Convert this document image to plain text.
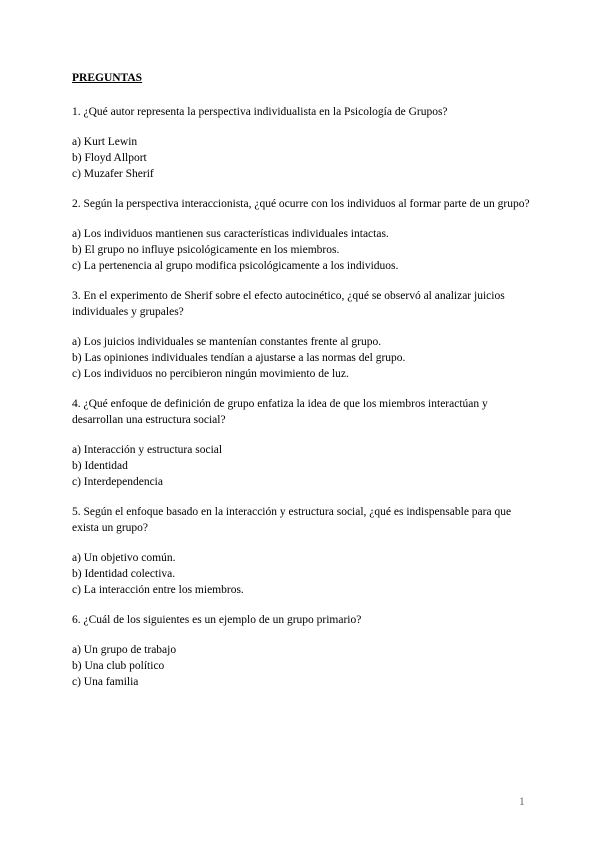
PREGUNTAS
1. ¿Qué autor representa la perspectiva individualista en la Psicología de Grupos?
a) Kurt Lewin
b) Floyd Allport
c) Muzafer Sherif
2. Según la perspectiva interaccionista, ¿qué ocurre con los individuos al formar parte de un grupo?
a) Los individuos mantienen sus características individuales intactas.
b) El grupo no influye psicológicamente en los miembros.
c) La pertenencia al grupo modifica psicológicamente a los individuos.
3. En el experimento de Sherif sobre el efecto autocinético, ¿qué se observó al analizar juicios individuales y grupales?
a) Los juicios individuales se mantenían constantes frente al grupo.
b) Las opiniones individuales tendían a ajustarse a las normas del grupo.
c) Los individuos no percibieron ningún movimiento de luz.
4. ¿Qué enfoque de definición de grupo enfatiza la idea de que los miembros interactúan y desarrollan una estructura social?
a) Interacción y estructura social
b) Identidad
c) Interdependencia
5. Según el enfoque basado en la interacción y estructura social, ¿qué es indispensable para que exista un grupo?
a) Un objetivo común.
b) Identidad colectiva.
c) La interacción entre los miembros.
6. ¿Cuál de los siguientes es un ejemplo de un grupo primario?
a) Un grupo de trabajo
b) Una club político
c) Una familia
1
